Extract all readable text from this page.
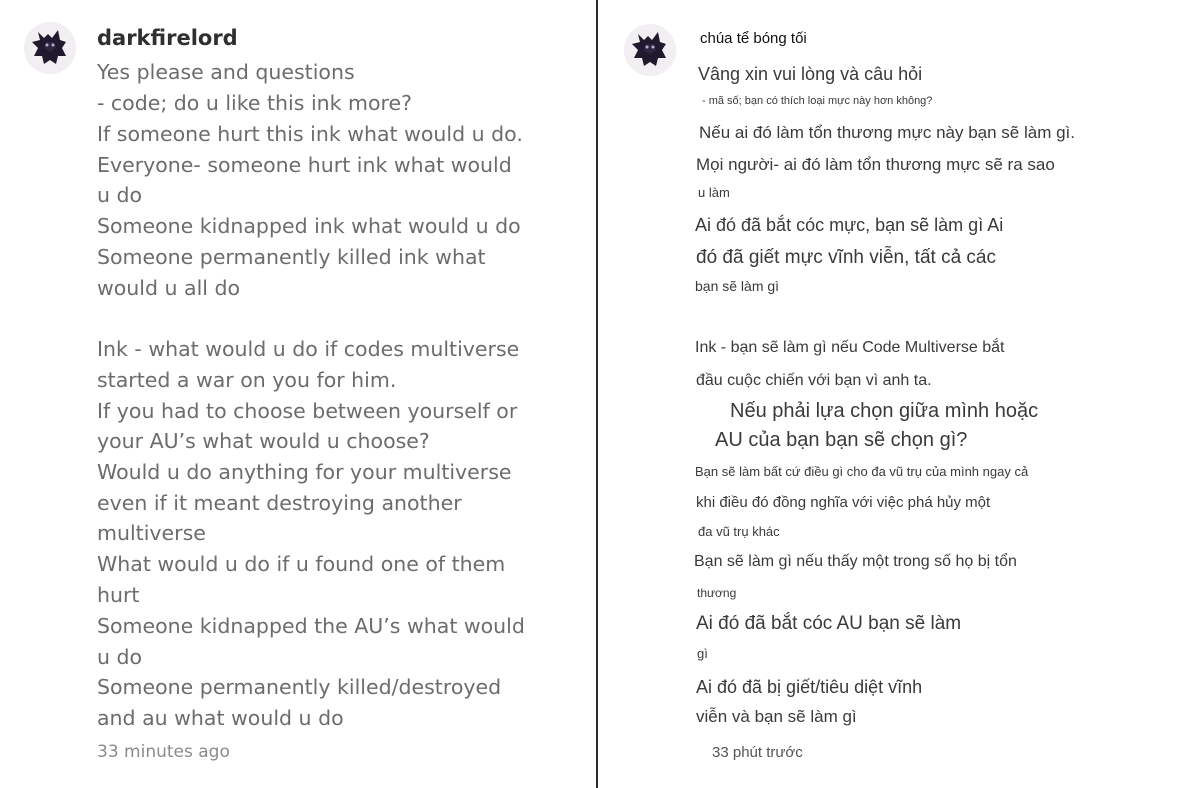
darkfirelord
Yes please and questions
- code; do u like this ink more?
If someone hurt this ink what would u do.
Everyone- someone hurt ink what would
u do
Someone kidnapped ink what would u do
Someone permanently killed ink what
would u all do
Ink - what would u do if codes multiverse
started a war on you for him.
If you had to choose between yourself or
your AU’s what would u choose?
Would u do anything for your multiverse
even if it meant destroying another
multiverse
What would u do if u found one of them
hurt
Someone kidnapped the AU’s what would
u do
Someone permanently killed/destroyed
and au what would u do
33 minutes ago
chúa tể bóng tối
Vâng xin vui lòng và câu hỏi
- mã số; bạn có thích loại mực này hơn không?
Nếu ai đó làm tổn thương mực này bạn sẽ làm gì.
Mọi người- ai đó làm tổn thương mực sẽ ra sao
u làm
Ai đó đã bắt cóc mực, bạn sẽ làm gì Ai
đó đã giết mực vĩnh viễn, tất cả các
bạn sẽ làm gì
Ink - bạn sẽ làm gì nếu Code Multiverse bắt
đầu cuộc chiến với bạn vì anh ta.
Nếu phải lựa chọn giữa mình hoặc
AU của bạn bạn sẽ chọn gì?
Bạn sẽ làm bất cứ điều gì cho đa vũ trụ của mình ngay cả
khi điều đó đồng nghĩa với việc phá hủy một
đa vũ trụ khác
Bạn sẽ làm gì nếu thấy một trong số họ bị tổn
thương
Ai đó đã bắt cóc AU bạn sẽ làm
gì
Ai đó đã bị giết/tiêu diệt vĩnh
viễn và bạn sẽ làm gì
33 phút trước
